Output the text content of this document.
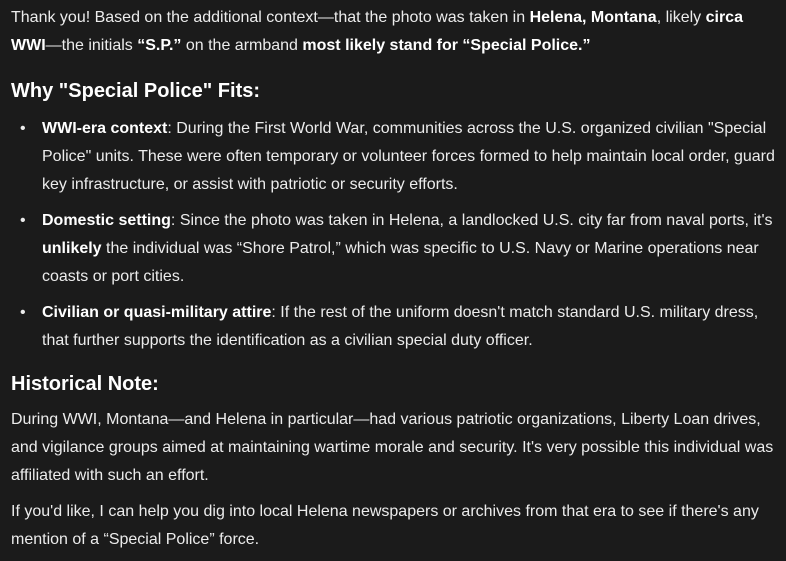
Thank you! Based on the additional context—that the photo was taken in Helena, Montana, likely circa WWI—the initials “S.P.” on the armband most likely stand for “Special Police.”

Why "Special Police" Fits:
• WWI-era context: During the First World War, communities across the U.S. organized civilian "Special Police" units. These were often temporary or volunteer forces formed to help maintain local order, guard key infrastructure, or assist with patriotic or security efforts.
• Domestic setting: Since the photo was taken in Helena, a landlocked U.S. city far from naval ports, it's unlikely the individual was “Shore Patrol,” which was specific to U.S. Navy or Marine operations near coasts or port cities.
• Civilian or quasi-military attire: If the rest of the uniform doesn't match standard U.S. military dress, that further supports the identification as a civilian special duty officer.
Historical Note:

During WWI, Montana—and Helena in particular—had various patriotic organizations, Liberty Loan drives, and vigilance groups aimed at maintaining wartime morale and security. It's very possible this individual was affiliated with such an effort.

If you'd like, I can help you dig into local Helena newspapers or archives from that era to see if there's any mention of a “Special Police” force.
